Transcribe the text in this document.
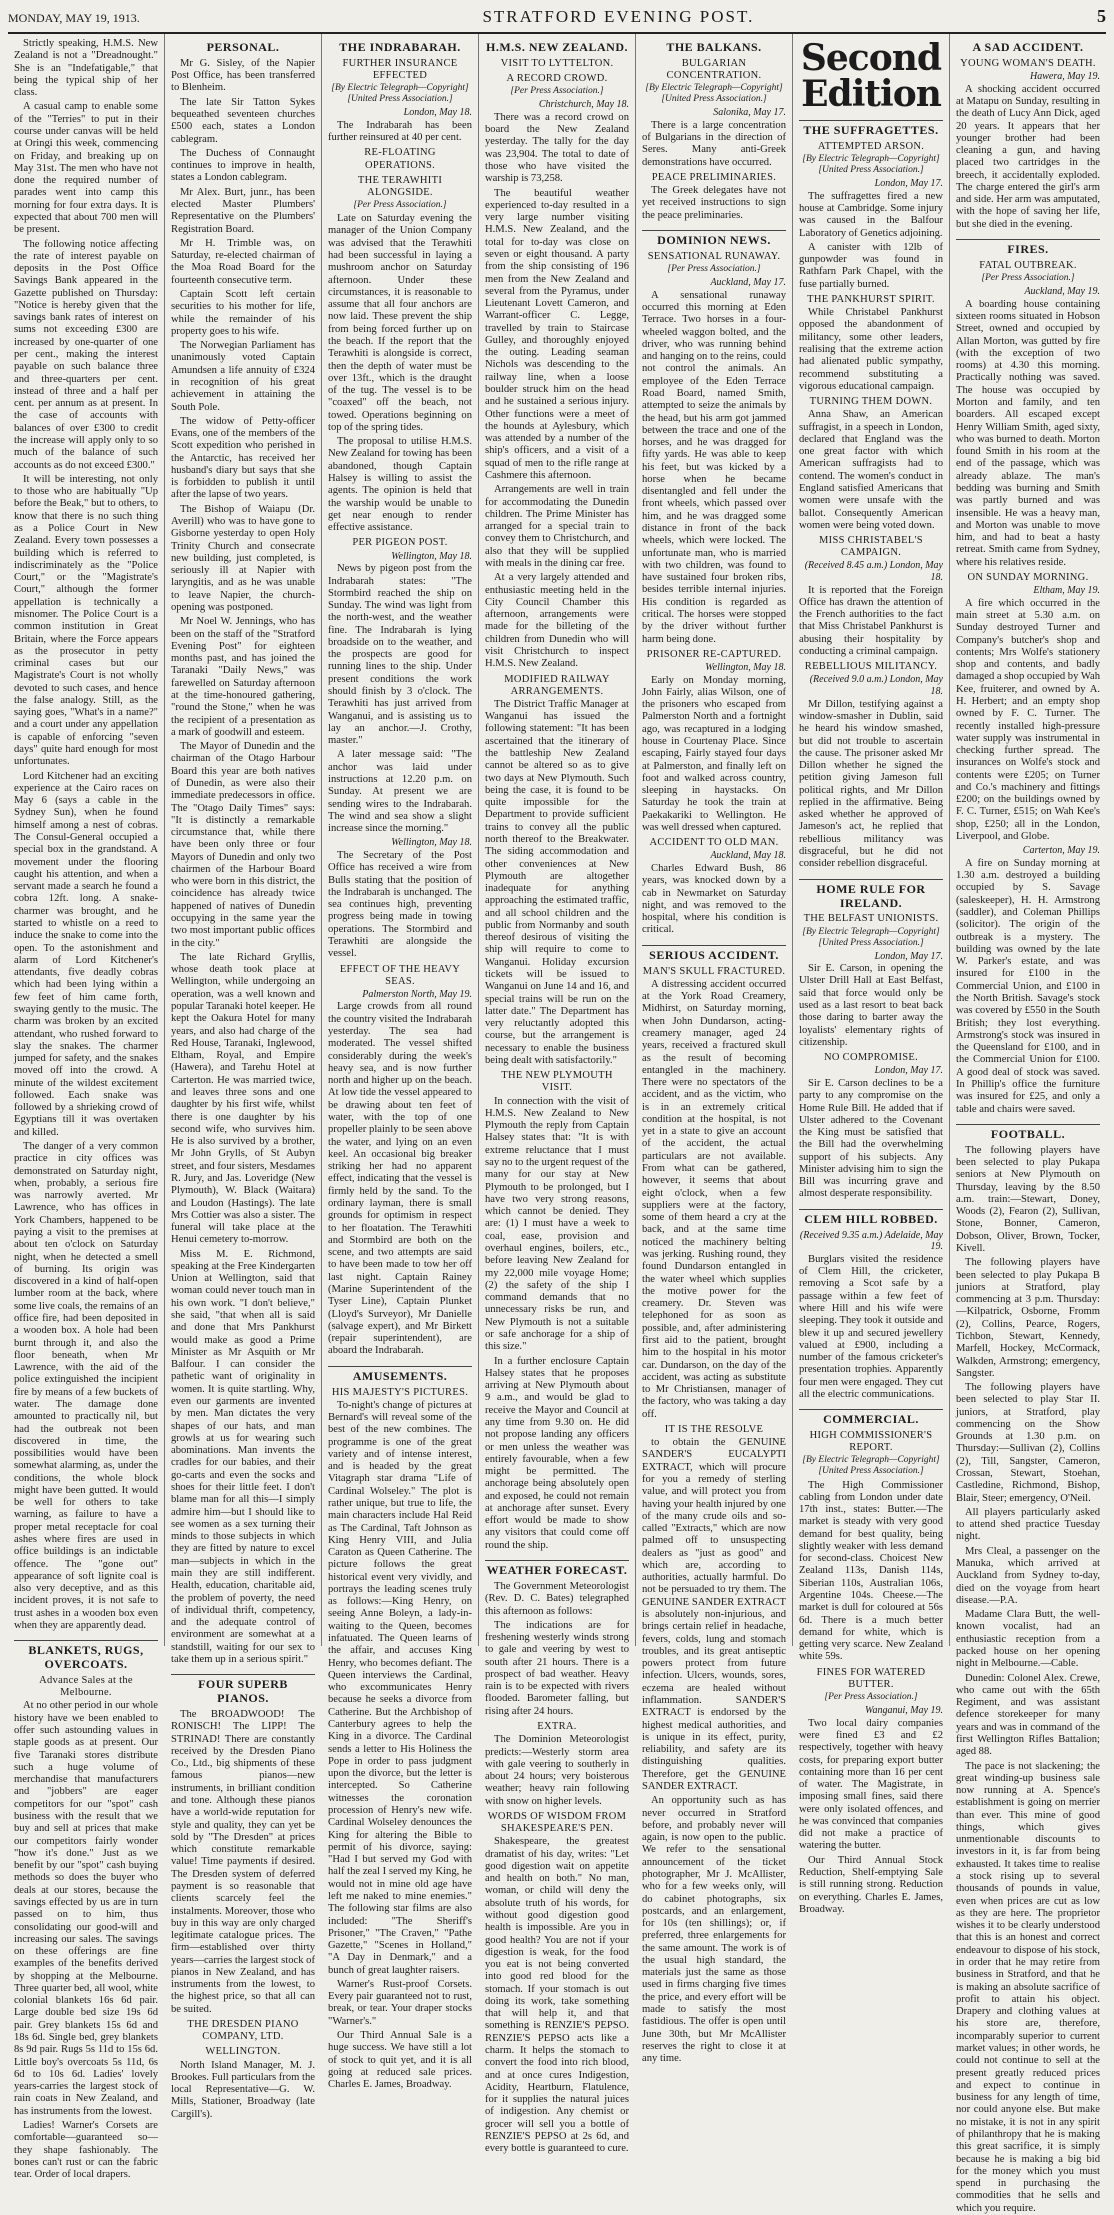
MONDAY, MAY 19, 1913.	STRATFORD EVENING POST.	5

Strictly speaking, H.M.S. New Zealand is not a "Dreadnought." She is an "Indefatigable," that being the typical ship of her class.

A casual camp to enable some of the "Terries" to put in their course under canvas will be held at Oringi this week, commencing on Friday, and breaking up on May 31st. The men who have not done the required number of parades went into camp this morning for four extra days. It is expected that about 700 men will be present.

The following notice affecting the rate of interest payable on deposits in the Post Office Savings Bank appeared in the Gazette published on Thursday: "Notice is hereby given that the savings bank rates of interest on sums not exceeding £300 are increased by one-quarter of one per cent., making the interest payable on such balance three and three-quarters per cent. instead of three and a half per cent. per annum as at present. In the case of accounts with balances of over £300 to credit the increase will apply only to so much of the balance of such accounts as do not exceed £300."

It will be interesting, not only to those who are habitually "Up before the Beak," but to others, to know that there is no such thing as a Police Court in New Zealand. Every town possesses a building which is referred to indiscriminately as the "Police Court," or the "Magistrate's Court," although the former appellation is technically a misnomer. The Police Court is a common institution in Great Britain, where the Force appears as the prosecutor in petty criminal cases but our Magistrate's Court is not wholly devoted to such cases, and hence the false analogy. Still, as the saying goes, "What's in a name?" and a court under any appellation is capable of enforcing "seven days" quite hard enough for most unfortunates.

Lord Kitchener had an exciting experience at the Cairo races on May 6 (says a cable in the Sydney Sun), when he found himself among a nest of cobras. The Consul-General occupied a special box in the grandstand. A movement under the flooring caught his attention, and when a servant made a search he found a cobra 12ft. long. A snake-charmer was brought, and he started to whistle on a reed to induce the snake to come into the open. To the astonishment and alarm of Lord Kitchener's attendants, five deadly cobras which had been lying within a few feet of him came forth, swaying gently to the music. The charm was broken by an excited attendant, who rushed forward to slay the snakes. The charmer jumped for safety, and the snakes moved off into the crowd. A minute of the wildest excitement followed. Each snake was followed by a shrieking crowd of Egyptians till it was overtaken and killed.

The danger of a very common practice in city offices was demonstrated on Saturday night, when, probably, a serious fire was narrowly averted. Mr Lawrence, who has offices in York Chambers, happened to be paying a visit to the premises at about ten o'clock on Saturday night, when he detected a smell of burning. Its origin was discovered in a kind of half-open lumber room at the back, where some live coals, the remains of an office fire, had been deposited in a wooden box. A hole had been burnt through it, and also the floor beneath, when Mr Lawrence, with the aid of the police extinguished the incipient fire by means of a few buckets of water. The damage done amounted to practically nil, but had the outbreak not been discovered in time, the possibilities would have been somewhat alarming, as, under the conditions, the whole block might have been gutted. It would be well for others to take warning, as failure to have a proper metal receptacle for coal ashes where fires are used in office buildings is an indictable offence. The "gone out" appearance of soft lignite coal is also very deceptive, and as this incident proves, it is not safe to trust ashes in a wooden box even when they are apparently dead.

BLANKETS, RUGS, OVERCOATS.
Advance Sales at the Melbourne.

At no other period in our whole history have we been enabled to offer such astounding values in staple goods as at present. Our five Taranaki stores distribute such a huge volume of merchandise that manufacturers and "jobbers" are eager competitors for our "spot" cash business with the result that we buy and sell at prices that make our competitors fairly wonder "how it's done." Just as we benefit by our "spot" cash buying methods so does the buyer who deals at our stores, because the savings effected by us are in turn passed on to him, thus consolidating our good-will and increasing our sales. The savings on these offerings are fine examples of the benefits derived by shopping at the Melbourne. Three quarter bed, all wool, white colonial blankets 16s 6d pair. Large double bed size 19s 6d pair. Grey blankets 15s 6d and 18s 6d. Single bed, grey blankets 8s 9d pair. Rugs 5s 11d to 15s 6d. Little boy's overcoats 5s 11d, 6s 6d to 10s 6d. Ladies' lovely years-carries the largest stock of rain coats in New Zealand, and has instruments from the lowest.

Ladies! Warner's Corsets are comfortable—guaranteed so—they shape fashionably. The bones can't rust or can the fabric tear. Order of local drapers.

PERSONAL.

Mr G. Sisley, of the Napier Post Office, has been transferred to Blenheim.

The late Sir Tatton Sykes bequeathed seventeen churches £500 each, states a London cablegram.

The Duchess of Connaught continues to improve in health, states a London cablegram.

Mr Alex. Burt, junr., has been elected Master Plumbers' Representative on the Plumbers' Registration Board.

Mr H. Trimble was, on Saturday, re-elected chairman of the Moa Road Board for the fourteenth consecutive term.

Captain Scott left certain securities to his mother for life, while the remainder of his property goes to his wife.

The Norwegian Parliament has unanimously voted Captain Amundsen a life annuity of £324 in recognition of his great achievement in attaining the South Pole.

The widow of Petty-officer Evans, one of the members of the Scott expedition who perished in the Antarctic, has received her husband's diary but says that she is forbidden to publish it until after the lapse of two years.

The Bishop of Waiapu (Dr. Averill) who was to have gone to Gisborne yesterday to open Holy Trinity Church and consecrate new building, just completed, is seriously ill at Napier with laryngitis, and as he was unable to leave Napier, the church-opening was postponed.

Mr Noel W. Jennings, who has been on the staff of the "Stratford Evening Post" for eighteen months past, and has joined the Taranaki "Daily News," was farewelled on Saturday afternoon at the time-honoured gathering, "round the Stone," when he was the recipient of a presentation as a mark of goodwill and esteem.

The Mayor of Dunedin and the chairman of the Otago Harbour Board this year are both natives of Dunedin, as were also their immediate predecessors in office. The "Otago Daily Times" says: "It is distinctly a remarkable circumstance that, while there have been only three or four Mayors of Dunedin and only two chairmen of the Harbour Board who were born in this district, the coincidence has already twice happened of natives of Dunedin occupying in the same year the two most important public offices in the city."

The late Richard Gryllis, whose death took place at Wellington, while undergoing an operation, was a well known and popular Taranaki hotel keeper. He kept the Oakura Hotel for many years, and also had charge of the Red House, Taranaki, Inglewood, Eltham, Royal, and Empire (Hawera), and Tarehu Hotel at Carterton. He was married twice, and leaves three sons and one daughter by his first wife, whilst there is one daughter by his second wife, who survives him. He is also survived by a brother, Mr John Grylls, of St Aubyn street, and four sisters, Mesdames R. Jury, and Jas. Loveridge (New Plymouth), W. Black (Waitara) and Loudon (Hastings). The late Mrs Cottier was also a sister. The funeral will take place at the Henui cemetery to-morrow.

Miss M. E. Richmond, speaking at the Free Kindergarten Union at Wellington, said that woman could never touch man in his own work. "I don't believe," she said, "that when all is said and done that Mrs Pankhurst would make as good a Prime Minister as Mr Asquith or Mr Balfour. I can consider the pathetic want of originality in women. It is quite startling. Why, even our garments are invented by men. Man dictates the very shapes of our hats, and man growls at us for wearing such abominations. Man invents the cradles for our babies, and their go-carts and even the socks and shoes for their little feet. I don't blame man for all this—I simply admire him—but I should like to see women as a sex turning their minds to those subjects in which they are fitted by nature to excel man—subjects in which in the main they are still indifferent. Health, education, charitable aid, the problem of poverty, the need of individual thrift, competency, and the adequate control of environment are somewhat at a standstill, waiting for our sex to take them up in a serious spirit."

FOUR SUPERB PIANOS.

The BROADWOOD! The RONISCH! The LIPP! The STRINAD! There are constantly received by the Dresden Piano Co., Ltd., big shipments of these famous pianos—new instruments, in brilliant condition and tone. Although these pianos have a world-wide reputation for style and quality, they can yet be sold by "The Dresden" at prices which constitute remarkable value! Time payments if desired. The Dresden system of deferred payment is so reasonable that clients scarcely feel the instalments. Moreover, those who buy in this way are only charged legitimate catalogue prices. The firm—established over thirty years—carries the largest stock of pianos in New Zealand, and has instruments from the lowest, to the highest price, so that all can be suited.

THE DRESDEN PIANO COMPANY, LTD.
WELLINGTON.

North Island Manager, M. J. Brookes. Full particulars from the local Representative—G. W. Mills, Stationer, Broadway (late Cargill's).

THE INDRABARAH.
FURTHER INSURANCE EFFECTED
[By Electric Telegraph—Copyright] [United Press Association.]
London, May 18.

The Indrabarah has been further reinsured at 40 per cent.

RE-FLOATING OPERATIONS.
THE TERAWHITI ALONGSIDE.
[Per Press Association.]

Late on Saturday evening the manager of the Union Company was advised that the Terawhiti had been successful in laying a mushroom anchor on Saturday afternoon. Under these circumstances, it is reasonable to assume that all four anchors are now laid. These prevent the ship from being forced further up on the beach. If the report that the Terawhiti is alongside is correct, then the depth of water must be over 13ft., which is the draught of the tug. The vessel is to be "coaxed" off the beach, not towed. Operations beginning on top of the spring tides.

The proposal to utilise H.M.S. New Zealand for towing has been abandoned, though Captain Halsey is willing to assist the agents. The opinion is held that the warship would be unable to get near enough to render effective assistance.

PER PIGEON POST.
Wellington, May 18.

News by pigeon post from the Indrabarah states: "The Stormbird reached the ship on Sunday. The wind was light from the north-west, and the weather fine. The Indrabarah is lying broadside on to the weather, and the prospects are good for running lines to the ship. Under present conditions the work should finish by 3 o'clock. The Terawhiti has just arrived from Wanganui, and is assisting us to lay an anchor.—J. Crothy, master."

A later message said: "The anchor was laid under instructions at 12.20 p.m. on Sunday. At present we are sending wires to the Indrabarah. The wind and sea show a slight increase since the morning."

Wellington, May 18.

The Secretary of the Post Office has received a wire from Bulls stating that the position of the Indrabarah is unchanged. The sea continues high, preventing progress being made in towing operations. The Stormbird and Terawhiti are alongside the vessel.

EFFECT OF THE HEAVY SEAS.
Palmerston North, May 19.

Large crowds from all round the country visited the Indrabarah yesterday. The sea had moderated. The vessel shifted considerably during the week's heavy sea, and is now further north and higher up on the beach. At low tide the vessel appeared to be drawing about ten feet of water, with the top of one propeller plainly to be seen above the water, and lying on an even keel. An occasional big breaker striking her had no apparent effect, indicating that the vessel is firmly held by the sand. To the ordinary layman, there is small grounds for optimism in respect to her floatation. The Terawhiti and Stormbird are both on the scene, and two attempts are said to have been made to tow her off last night. Captain Rainey (Marine Superintendent of the Tyser Line), Captain Plunket (Lloyd's Surveyor), Mr Danielle (salvage expert), and Mr Birkett (repair superintendent), are aboard the Indrabarah.

AMUSEMENTS.
HIS MAJESTY'S PICTURES.

To-night's change of pictures at Bernard's will reveal some of the best of the new combines. The programme is one of the great variety and of intense interest, and is headed by the great Vitagraph star drama "Life of Cardinal Wolseley." The plot is rather unique, but true to life, the main characters include Hal Reid as The Cardinal, Taft Johnson as King Henry VIII, and Julia Caraton as Queen Catherine. The picture follows the great historical event very vividly, and portrays the leading scenes truly as follows:—King Henry, on seeing Anne Boleyn, a lady-in-waiting to the Queen, becomes infatuated. The Queen learns of the affair, and accuses King Henry, who becomes defiant. The Queen interviews the Cardinal, who excommunicates Henry because he seeks a divorce from Catherine. But the Archbishop of Canterbury agrees to help the King in a divorce. The Cardinal sends a letter to His Holiness the Pope in order to pass judgment upon the divorce, but the letter is intercepted. So Catherine witnesses the coronation procession of Henry's new wife. Cardinal Wolseley denounces the King for altering the Bible to permit of his divorce, saying: "Had I but served my God with half the zeal I served my King, he would not in mine old age have left me naked to mine enemies." The following star films are also included: "The Sheriff's Prisoner," "The Craven," "Pathe Gazette," "Scenes in Holland," "A Day in Denmark," and a bunch of great laughter raisers.

Warner's Rust-proof Corsets. Every pair guaranteed not to rust, break, or tear. Your draper stocks "Warner's."

Our Third Annual Sale is a huge success. We have still a lot of stock to quit yet, and it is all going at reduced sale prices. Charles E. James, Broadway.

H.M.S. NEW ZEALAND.
VISIT TO LYTTELTON.
A RECORD CROWD.
[Per Press Association.]
Christchurch, May 18.

There was a record crowd on board the New Zealand yesterday. The tally for the day was 23,904. The total to date of those who have visited the warship is 73,258.

The beautiful weather experienced to-day resulted in a very large number visiting H.M.S. New Zealand, and the total for to-day was close on seven or eight thousand. A party from the ship consisting of 196 men from the New Zealand and several from the Pyramus, under Lieutenant Lovett Cameron, and Warrant-officer C. Legge, travelled by train to Staircase Gulley, and thoroughly enjoyed the outing. Leading seaman Nichols was descending to the railway line, when a loose boulder struck him on the head and he sustained a serious injury. Other functions were a meet of the hounds at Aylesbury, which was attended by a number of the ship's officers, and a visit of a squad of men to the rifle range at Cashmere this afternoon.

Arrangements are well in train for accommodating the Dunedin children. The Prime Minister has arranged for a special train to convey them to Christchurch, and also that they will be supplied with meals in the dining car free.

At a very largely attended and enthusiastic meeting held in the City Council Chamber this afternoon, arrangements were made for the billeting of the children from Dunedin who will visit Christchurch to inspect H.M.S. New Zealand.

MODIFIED RAILWAY ARRANGEMENTS.

The District Traffic Manager at Wanganui has issued the following statement: "It has been ascertained that the itinerary of the battleship New Zealand cannot be altered so as to give two days at New Plymouth. Such being the case, it is found to be quite impossible for the Department to provide sufficient trains to convey all the public north thereof to the Breakwater. The siding accommodation and other conveniences at New Plymouth are altogether inadequate for anything approaching the estimated traffic, and all school children and the public from Normanby and south thereof desirous of visiting the ship will require to come to Wanganui. Holiday excursion tickets will be issued to Wanganui on June 14 and 16, and special trains will be run on the latter date." The Department has very reluctantly adopted this course, but the arrangement is necessary to enable the business being dealt with satisfactorily."

THE NEW PLYMOUTH VISIT.

In connection with the visit of H.M.S. New Zealand to New Plymouth the reply from Captain Halsey states that: "It is with extreme reluctance that I must say no to the urgent request of the many for our stay at New Plymouth to be prolonged, but I have two very strong reasons, which cannot be denied. They are: (1) I must have a week to coal, ease, provision and overhaul engines, boilers, etc., before leaving New Zealand for my 22,000 mile voyage Home; (2) the safety of the ship I command demands that no unnecessary risks be run, and New Plymouth is not a suitable or safe anchorage for a ship of this size."

In a further enclosure Captain Halsey states that he proposes arriving at New Plymouth about 9 a.m., and would be glad to receive the Mayor and Council at any time from 9.30 on. He did not propose landing any officers or men unless the weather was entirely favourable, when a few might be permitted. The anchorage being absolutely open and exposed, he could not remain at anchorage after sunset. Every effort would be made to show any visitors that could come off round the ship.

WEATHER FORECAST.

The Government Meteorologist (Rev. D. C. Bates) telegraphed this afternoon as follows:

The indications are for freshening westerly winds strong to gale and veering by west to south after 21 hours. There is a prospect of bad weather. Heavy rain is to be expected with rivers flooded. Barometer falling, but rising after 24 hours.

EXTRA.

The Dominion Meteorologist predicts:—Westerly storm area with gale veering to southerly in about 24 hours; very boisterous weather; heavy rain following with snow on higher levels.

WORDS OF WISDOM FROM SHAKESPEARE'S PEN.

Shakespeare, the greatest dramatist of his day, writes: "Let good digestion wait on appetite and health on both." No man, woman, or child will deny the absolute truth of his words, for without good digestion good health is impossible. Are you in good health? You are not if your digestion is weak, for the food you eat is not being converted into good red blood for the stomach. If your stomach is out doing its work, take something that will help it, and that something is RENZIE'S PEPSO. RENZIE'S PEPSO acts like a charm. It helps the stomach to convert the food into rich blood, and at once cures Indigestion, Acidity, Heartburn, Flatulence, for it supplies the natural juices of indigestion. Any chemist or grocer will sell you a bottle of RENZIE'S PEPSO at 2s 6d, and every bottle is guaranteed to cure.

THE BALKANS.
BULGARIAN CONCENTRATION.
[By Electric Telegraph—Copyright] [United Press Association.]
Salonika, May 17.

There is a large concentration of Bulgarians in the direction of Seres. Many anti-Greek demonstrations have occurred.

PEACE PRELIMINARIES.

The Greek delegates have not yet received instructions to sign the peace preliminaries.

DOMINION NEWS.
SENSATIONAL RUNAWAY.
[Per Press Association.]
Auckland, May 17.

A sensational runaway occurred this morning at Eden Terrace. Two horses in a four-wheeled waggon bolted, and the driver, who was running behind and hanging on to the reins, could not control the animals. An employee of the Eden Terrace Road Board, named Smith, attempted to seize the animals by the head, but his arm got jammed between the trace and one of the horses, and he was dragged for fifty yards. He was able to keep his feet, but was kicked by a horse when he became disentangled and fell under the front wheels, which passed over him, and he was dragged some distance in front of the back wheels, which were locked. The unfortunate man, who is married with two children, was found to have sustained four broken ribs, besides terrible internal injuries. His condition is regarded as critical. The horses were stopped by the driver without further harm being done.

PRISONER RE-CAPTURED.
Wellington, May 18.

Early on Monday morning, John Fairly, alias Wilson, one of the prisoners who escaped from Palmerston North and a fortnight ago, was recaptured in a lodging house in Courtenay Place. Since escaping, Fairly stayed four days at Palmerston, and finally left on foot and walked across country, sleeping in haystacks. On Saturday he took the train at Paekakariki to Wellington. He was well dressed when captured.

ACCIDENT TO OLD MAN.
Auckland, May 18.

Charles Edward Bush, 86 years, was knocked down by a cab in Newmarket on Saturday night, and was removed to the hospital, where his condition is critical.

SERIOUS ACCIDENT.
MAN'S SKULL FRACTURED.

A distressing accident occurred at the York Road Creamery, Midhirst, on Saturday morning, when John Dundarson, acting-creamery manager, aged 24 years, received a fractured skull as the result of becoming entangled in the machinery. There were no spectators of the accident, and as the victim, who is in an extremely critical condition at the hospital, is not yet in a state to give an account of the accident, the actual particulars are not available. From what can be gathered, however, it seems that about eight o'clock, when a few suppliers were at the factory, some of them heard a cry at the back, and at the same time noticed the machinery belting was jerking. Rushing round, they found Dundarson entangled in the water wheel which supplies the motive power for the creamery. Dr. Steven was telephoned for as soon as possible, and, after administering first aid to the patient, brought him to the hospital in his motor car. Dundarson, on the day of the accident, was acting as substitute to Mr Christiansen, manager of the factory, who was taking a day off.

IT IS THE RESOLVE

to obtain the GENUINE SANDER'S EUCALYPTI EXTRACT, which will procure for you a remedy of sterling value, and will protect you from having your health injured by one of the many crude oils and so-called "Extracts," which are now palmed off to unsuspecting dealers as "just as good" and which are, according to authorities, actually harmful. Do not be persuaded to try them. The GENUINE SANDER EXTRACT is absolutely non-injurious, and brings certain relief in headache, fevers, colds, lung and stomach troubles, and its great antiseptic powers protect from future infection. Ulcers, wounds, sores, eczema are healed without inflammation. SANDER'S EXTRACT is endorsed by the highest medical authorities, and is unique in its effect, purity, reliability, and safety are its distinguishing qualities. Therefore, get the GENUINE SANDER EXTRACT.

An opportunity such as has never occurred in Stratford before, and probably never will again, is now open to the public. We refer to the sensational announcement of the ticket photographer, Mr J. McAllister, who for a few weeks only, will do cabinet photographs, six postcards, and an enlargement, for 10s (ten shillings); or, if preferred, three enlargements for the same amount. The work is of the usual high standard, the materials just the same as those used in firms charging five times the price, and every effort will be made to satisfy the most fastidious. The offer is open until June 30th, but Mr McAllister reserves the right to close it at any time.

Second Edition
THE SUFFRAGETTES.
ATTEMPTED ARSON.
[By Electric Telegraph—Copyright] [United Press Association.]
London, May 17.

The suffragettes fired a new house at Cambridge. Some injury was caused in the Balfour Laboratory of Genetics adjoining.

A canister with 12lb of gunpowder was found in Rathfarn Park Chapel, with the fuse partially burned.

THE PANKHURST SPIRIT.

While Christabel Pankhurst opposed the abandonment of militancy, some other leaders, realising that the extreme action had alienated public sympathy, recommend substituting a vigorous educational campaign.

TURNING THEM DOWN.

Anna Shaw, an American suffragist, in a speech in London, declared that England was the one great factor with which American suffragists had to contend. The women's conduct in England satisfied Americans that women were unsafe with the ballot. Consequently American women were being voted down.

MISS CHRISTABEL'S CAMPAIGN.
(Received 8.45 a.m.) London, May 18.

It is reported that the Foreign Office has drawn the attention of the French authorities to the fact that Miss Christabel Pankhurst is abusing their hospitality by conducting a criminal campaign.

REBELLIOUS MILITANCY.
(Received 9.0 a.m.) London, May 18.

Mr Dillon, testifying against a window-smasher in Dublin, said he heard his window smashed, but did not trouble to ascertain the cause. The prisoner asked Mr Dillon whether he signed the petition giving Jameson full political rights, and Mr Dillon replied in the affirmative. Being asked whether he approved of Jameson's act, he replied that rebellious militancy was disgraceful, but he did not consider rebellion disgraceful.

HOME RULE FOR IRELAND.
THE BELFAST UNIONISTS.
[By Electric Telegraph—Copyright] [United Press Association.]
London, May 17.

Sir E. Carson, in opening the Ulster Drill Hall at East Belfast, said that force would only be used as a last resort to beat back those daring to barter away the loyalists' elementary rights of citizenship.

NO COMPROMISE.
London, May 17.

Sir E. Carson declines to be a party to any compromise on the Home Rule Bill. He added that if Ulster adhered to the Covenant the King must be satisfied that the Bill had the overwhelming support of his subjects. Any Minister advising him to sign the Bill was incurring grave and almost desperate responsibility.

CLEM HILL ROBBED.
(Received 9.35 a.m.) Adelaide, May 19.

Burglars visited the residence of Clem Hill, the cricketer, removing a Scot safe by a passage within a few feet of where Hill and his wife were sleeping. They took it outside and blew it up and secured jewellery valued at £900, including a number of the famous cricketer's presentation trophies. Apparently four men were engaged. They cut all the electric communications.

COMMERCIAL.
HIGH COMMISSIONER'S REPORT.
[By Electric Telegraph—Copyright] [United Press Association.]

The High Commissioner cabling from London under date 17th inst., states: Butter.—The market is steady with very good demand for best quality, being slightly weaker with less demand for second-class. Choicest New Zealand 113s, Danish 114s, Siberian 110s, Australian 106s, Argentine 104s. Cheese.—The market is dull for coloured at 56s 6d. There is a much better demand for white, which is getting very scarce. New Zealand white 59s.

FINES FOR WATERED BUTTER.
[Per Press Association.]
Wanganui, May 19.

Two local dairy companies were fined £3 and £2 respectively, together with heavy costs, for preparing export butter containing more than 16 per cent of water. The Magistrate, in imposing small fines, said there were only isolated offences, and he was convinced that companies did not make a practice of watering the butter.

Our Third Annual Stock Reduction, Shelf-emptying Sale is still running strong. Reduction on everything. Charles E. James, Broadway.

A SAD ACCIDENT.
YOUNG WOMAN'S DEATH.
Hawera, May 19.

A shocking accident occurred at Matapu on Sunday, resulting in the death of Lucy Ann Dick, aged 20 years. It appears that her younger brother had been cleaning a gun, and having placed two cartridges in the breech, it accidentally exploded. The charge entered the girl's arm and side. Her arm was amputated, with the hope of saving her life, but she died in the evening.

FIRES.
FATAL OUTBREAK.
[Per Press Association.]
Auckland, May 19.

A boarding house containing sixteen rooms situated in Hobson Street, owned and occupied by Allan Morton, was gutted by fire (with the exception of two rooms) at 4.30 this morning. Practically nothing was saved. The house was occupied by Morton and family, and ten boarders. All escaped except Henry William Smith, aged sixty, who was burned to death. Morton found Smith in his room at the end of the passage, which was already ablaze. The man's bedding was burning and Smith was partly burned and was insensible. He was a heavy man, and Morton was unable to move him, and had to beat a hasty retreat. Smith came from Sydney, where his relatives reside.

ON SUNDAY MORNING.
Eltham, May 19.

A fire which occurred in the main street at 5.30 a.m. on Sunday destroyed Turner and Company's butcher's shop and contents; Mrs Wolfe's stationery shop and contents, and badly damaged a shop occupied by Wah Kee, fruiterer, and owned by A. H. Herbert; and an empty shop owned by F. C. Turner. The recently installed high-pressure water supply was instrumental in checking further spread. The insurances on Wolfe's stock and contents were £205; on Turner and Co.'s machinery and fittings £200; on the buildings owned by F. C. Turner, £515; on Wah Kee's shop, £250; all in the London, Liverpool, and Globe.

Carterton, May 19.

A fire on Sunday morning at 1.30 a.m. destroyed a building occupied by S. Savage (saleskeeper), H. H. Armstrong (saddler), and Coleman Phillips (solicitor). The origin of the outbreak is a mystery. The building was owned by the late W. Parker's estate, and was insured for £100 in the Commercial Union, and £100 in the North British. Savage's stock was covered by £550 in the South British; they lost everything. Armstrong's stock was insured in the Queensland for £100, and in the Commercial Union for £100. A good deal of stock was saved. In Phillip's office the furniture was insured for £25, and only a table and chairs were saved.

FOOTBALL.

The following players have been selected to play Pukapa seniors at New Plymouth on Thursday, leaving by the 8.50 a.m. train:—Stewart, Doney, Woods (2), Fearon (2), Sullivan, Stone, Bonner, Cameron, Dobson, Oliver, Brown, Tocker, Kivell.

The following players have been selected to play Pukapa B juniors at Stratford, play commencing at 3 p.m. Thursday:—Kilpatrick, Osborne, Fromm (2), Collins, Pearce, Rogers, Tichbon, Stewart, Kennedy, Marfell, Hockey, McCormack, Walkden, Armstrong; emergency, Sangster.

The following players have been selected to play Star II. juniors, at Stratford, play commencing on the Show Grounds at 1.30 p.m. on Thursday:—Sullivan (2), Collins (2), Till, Sangster, Cameron, Crossan, Stewart, Stoehan, Castledine, Richmond, Bishop, Blair, Steer; emergency, O'Neil.

All players particularly asked to attend shed practice Tuesday night.

Mrs Cleal, a passenger on the Manuka, which arrived at Auckland from Sydney to-day, died on the voyage from heart disease.—P.A.

Madame Clara Butt, the well-known vocalist, had an enthusiastic reception from a packed house on her opening night in Melbourne.—Cable.

Dunedin: Colonel Alex. Crewe, who came out with the 65th Regiment, and was assistant defence storekeeper for many years and was in command of the first Wellington Rifles Battalion; aged 88.

The pace is not slackening; the great winding-up business sale now running at A. Spence's establishment is going on merrier than ever. This mine of good things, which gives unmentionable discounts to investors in it, is far from being exhausted. It takes time to realise a stock rising up to several thousands of pounds in value, even when prices are cut as low as they are here. The proprietor wishes it to be clearly understood that this is an honest and correct endeavour to dispose of his stock, in order that he may retire from business in Stratford, and that he is making an absolute sacrifice of profit to attain his object. Drapery and clothing values at his store are, therefore, incomparably superior to current market values; in other words, he could not continue to sell at the present greatly reduced prices and expect to continue in business for any length of time, nor could anyone else. But make no mistake, it is not in any spirit of philanthropy that he is making this great sacrifice, it is simply because he is making a big bid for the money which you must spend in purchasing the commodities that he sells and which you require.
